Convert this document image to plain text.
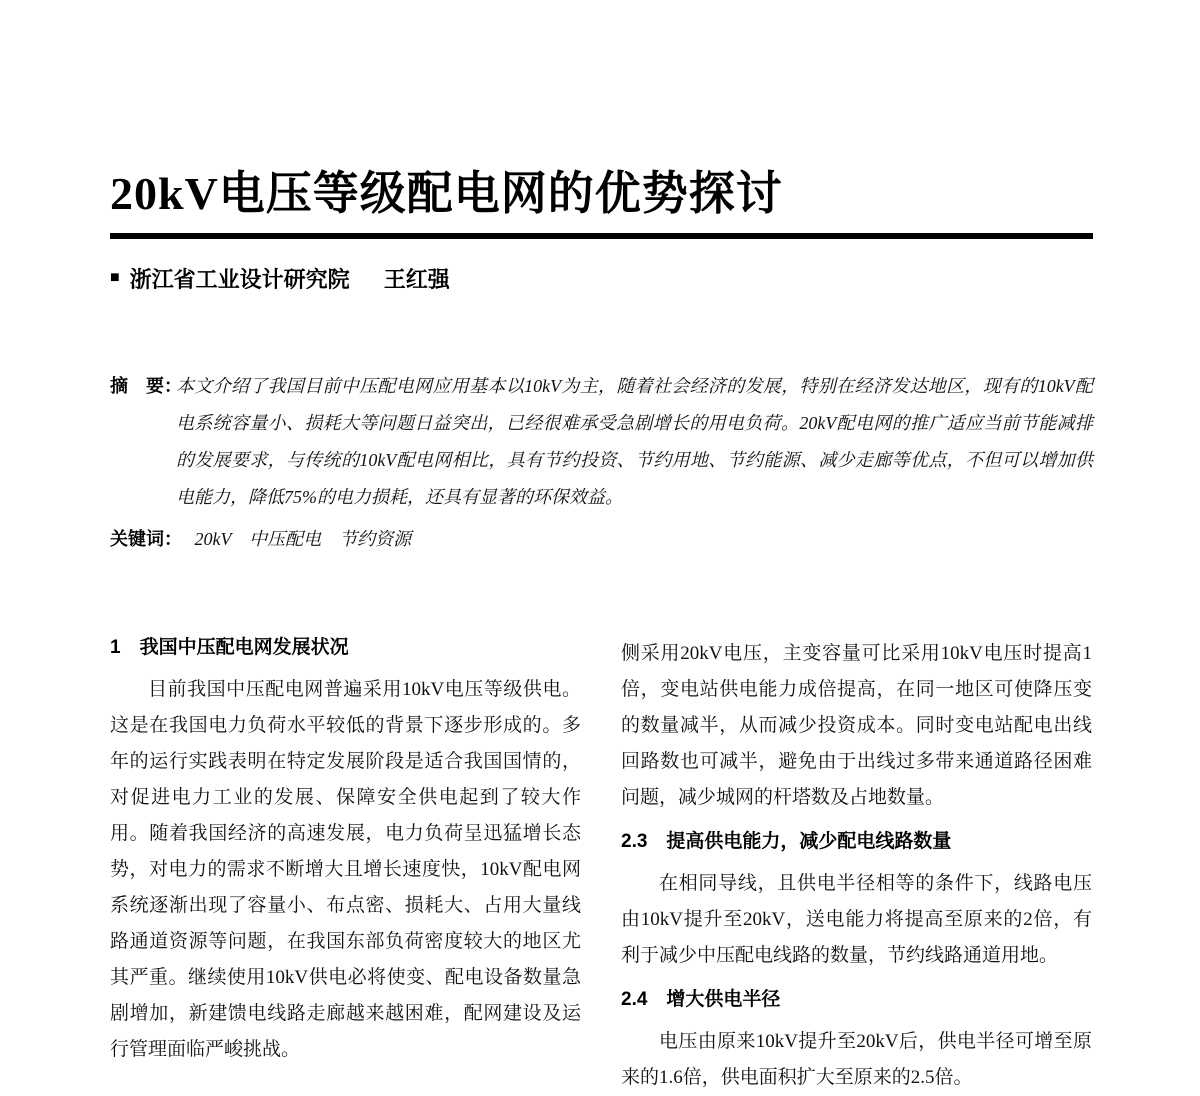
20kV电压等级配电网的优势探讨
■ 浙江省工业设计研究院 王红强
摘　要：
本文介绍了我国目前中压配电网应用基本以10kV为主，随着社会经济的发展，特别在经济发达地区，现有的10kV配电系统容量小、损耗大等问题日益突出，已经很难承受急剧增长的用电负荷。20kV配电网的推广适应当前节能减排的发展要求，与传统的10kV配电网相比，具有节约投资、节约用地、节约能源、减少走廊等优点，不但可以增加供电能力，降低75%的电力损耗，还具有显著的环保效益。
关键词： 20kV　中压配电　节约资源
1　我国中压配电网发展状况

目前我国中压配电网普遍采用10kV电压等级供电。这是在我国电力负荷水平较低的背景下逐步形成的。多年的运行实践表明在特定发展阶段是适合我国国情的，对促进电力工业的发展、保障安全供电起到了较大作用。随着我国经济的高速发展，电力负荷呈迅猛增长态势，对电力的需求不断增大且增长速度快，10kV配电网系统逐渐出现了容量小、布点密、损耗大、占用大量线路通道资源等问题，在我国东部负荷密度较大的地区尤其严重。继续使用10kV供电必将使变、配电设备数量急剧增加，新建馈电线路走廊越来越困难，配网建设及运行管理面临严峻挑战。

侧采用20kV电压，主变容量可比采用10kV电压时提高1倍，变电站供电能力成倍提高，在同一地区可使降压变的数量减半，从而减少投资成本。同时变电站配电出线回路数也可减半，避免由于出线过多带来通道路径困难问题，减少城网的杆塔数及占地数量。

2.3　提高供电能力，减少配电线路数量

在相同导线，且供电半径相等的条件下，线路电压由10kV提升至20kV，送电能力将提高至原来的2倍，有利于减少中压配电线路的数量，节约线路通道用地。

2.4　增大供电半径

电压由原来10kV提升至20kV后，供电半径可增至原来的1.6倍，供电面积扩大至原来的2.5倍。
